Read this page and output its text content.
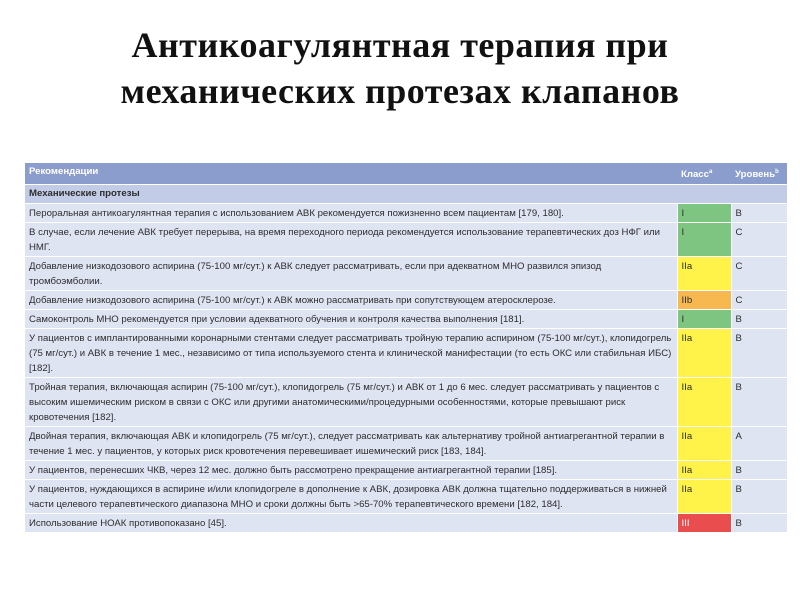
Антикоагулянтная терапия при
механических протезах клапанов
Рекомендации	Класс$^a$	Уровень$^b$
Механические протезы		
Пероральная антикоагулянтная терапия с использованием АВК рекомендуется пожизненно всем пациентам [179, 180].	I	B
В случае, если лечение АВК требует перерыва, на время переходного периода рекомендуется использование терапевтических доз НФГ или НМГ.	I	C
Добавление низкодозового аспирина (75-100 мг/сут.) к АВК следует рассматривать, если при адекватном МНО развился эпизод тромбоэмболии.	IIa	C
Добавление низкодозового аспирина (75-100 мг/сут.) к АВК можно рассматривать при сопутствующем атеросклерозе.	IIb	C
Самоконтроль МНО рекомендуется при условии адекватного обучения и контроля качества выполнения [181].	I	B
У пациентов с имплантированными коронарными стентами следует рассматривать тройную терапию аспирином (75-100 мг/сут.), клопидогрель (75 мг/сут.) и АВК в течение 1 мес., независимо от типа используемого стента и клинической манифестации (то есть ОКС или стабильная ИБС) [182].	IIa	B
Тройная терапия, включающая аспирин (75-100 мг/сут.), клопидогрель (75 мг/сут.) и АВК от 1 до 6 мес. следует рассматривать у пациентов с высоким ишемическим риском в связи с ОКС или другими анатомическими/процедурными особенностями, которые превышают риск кровотечения [182].	IIa	B
Двойная терапия, включающая АВК и клопидогрель (75 мг/сут.), следует рассматривать как альтернативу тройной антиагрегантной терапии в течение 1 мес. у пациентов, у которых риск кровотечения перевешивает ишемический риск [183, 184].	IIa	A
У пациентов, перенесших ЧКВ, через 12 мес. должно быть рассмотрено прекращение антиагрегантной терапии [185].	IIa	B
У пациентов, нуждающихся в аспирине и/или клопидогреле в дополнение к АВК, дозировка АВК должна тщательно поддерживаться в нижней части целевого терапевтического диапазона МНО и сроки должны быть >65-70% терапевтического времени [182, 184].	IIa	B
Использование НОАК противопоказано [45].	III	B
